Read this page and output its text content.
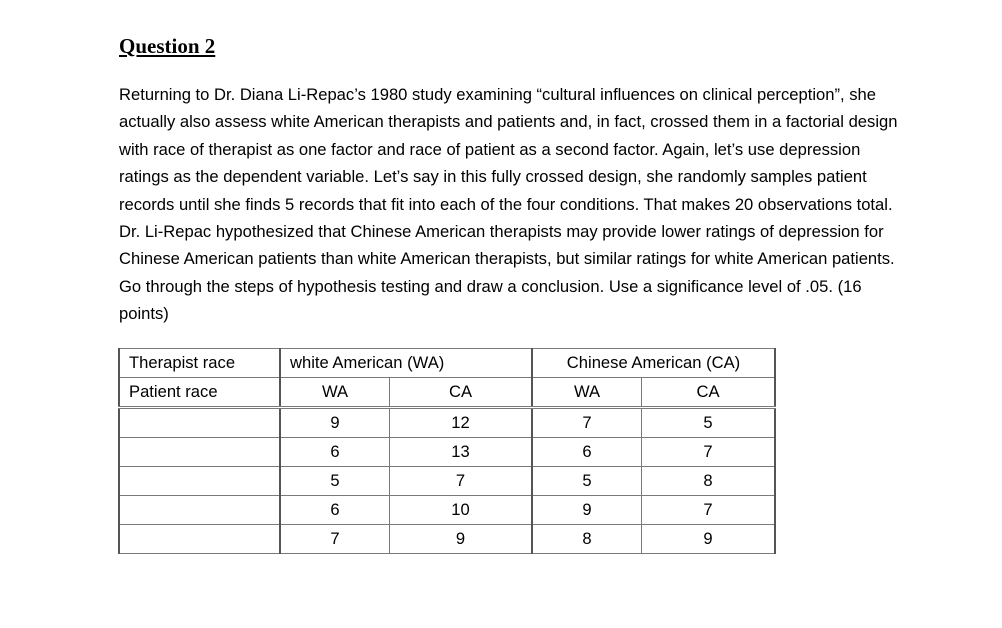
Question 2

Returning to Dr. Diana Li-Repac’s 1980 study examining “cultural influences on clinical perception”, she actually also assess white American therapists and patients and, in fact, crossed them in a factorial design with race of therapist as one factor and race of patient as a second factor. Again, let’s use depression ratings as the dependent variable. Let’s say in this fully crossed design, she randomly samples patient records until she finds 5 records that fit into each of the four conditions. That makes 20 observations total. Dr. Li-Repac hypothesized that Chinese American therapists may provide lower ratings of depression for Chinese American patients than white American therapists, but similar ratings for white American patients. Go through the steps of hypothesis testing and draw a conclusion. Use a significance level of .05. (16 points)

Therapist race	white American (WA)		Chinese American (CA)	
Patient race	WA	CA	WA	CA
	9	12	7	5
	6	13	6	7
	5	7	5	8
	6	10	9	7
	7	9	8	9
